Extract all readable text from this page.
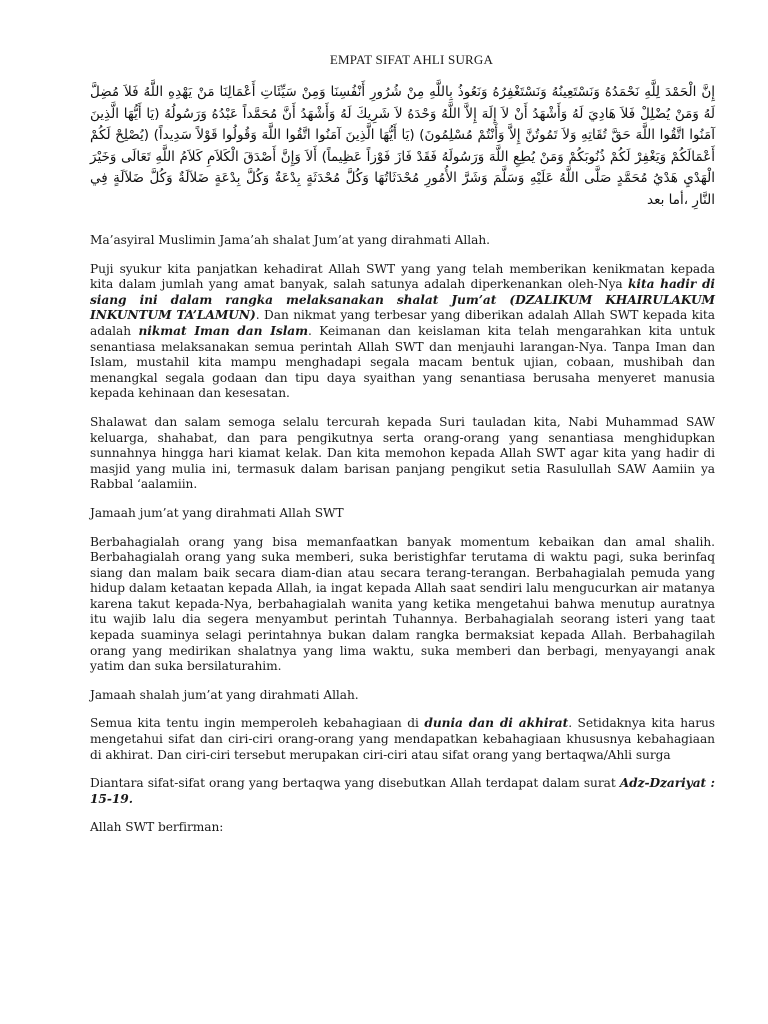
EMPAT SIFAT AHLI SURGA
إِنَّ الْحَمْدَ لِلَّهِ نَحْمَدُهُ وَنَسْتَعِينُهُ وَنَسْتَغْفِرُهُ وَنَعُوذُ بِاللَّهِ مِنْ شُرُورِ أَنْفُسِنَا وَمِنْ سَيِّئَاتِ أَعْمَالِنَا مَنْ يَهْدِهِ اللَّهُ فَلاَ مُضِلَّ لَهُ وَمَنْ يُضْلِلْ فَلاَ هَادِيَ لَهُ وَأَشْهَدُ أَنْ لاَ إِلَهَ إِلاَّ اللَّهُ وَحْدَهُ لاَ شَرِيكَ لَهُ وَأَشْهَدُ أَنَّ مُحَمَّداً عَبْدُهُ وَرَسُولُهُ (يَا أَيُّهَا الَّذِينَ آمَنُوا اتَّقُوا اللَّهَ حَقَّ تُقَاتِهِ وَلاَ تَمُوتُنَّ إِلاَّ وَأَنْتُمْ مُسْلِمُونَ) (يَا أَيُّهَا الَّذِينَ آمَنُوا اتَّقُوا اللَّهَ وَقُولُوا قَوْلاً سَدِيداً) (يُصْلِحْ لَكُمْ أَعْمَالَكُمْ وَيَغْفِرْ لَكُمْ ذُنُوبَكُمْ وَمَنْ يُطِعِ اللَّهَ وَرَسُولَهُ فَقَدْ فَازَ فَوْزاً عَظِيماً) أَلاَ وَإِنَّ أَصْدَقَ الْكَلاَمِ كَلاَمُ اللَّهِ تَعَالَى وَخَيْرَ الْهَدْيِ هَدْيُ مُحَمَّدٍ صَلَّى اللَّهُ عَلَيْهِ وَسَلَّمَ وَشَرَّ الأُمُورِ مُحْدَثَاتُهَا وَكُلَّ مُحْدَثَةٍ بِدْعَةٌ وَكُلَّ بِدْعَةٍ ضَلاَلَةٌ وَكُلَّ ضَلاَلَةٍ فِي النَّارِ ،أما بعد

Ma’asyiral Muslimin Jama’ah shalat Jum’at yang dirahmati Allah.

Puji syukur kita panjatkan kehadirat Allah SWT yang yang telah memberikan kenikmatan kepada kita dalam jumlah yang amat banyak, salah satunya adalah diperkenankan oleh-Nya kita hadir di siang ini dalam rangka melaksanakan shalat Jum’at (DZALIKUM KHAIRULAKUM INKUNTUM TA’LAMUN). Dan nikmat yang terbesar yang diberikan adalah Allah SWT kepada kita adalah nikmat Iman dan Islam. Keimanan dan keislaman kita telah mengarahkan kita untuk senantiasa melaksanakan semua perintah Allah SWT dan menjauhi larangan-Nya. Tanpa Iman dan Islam, mustahil kita mampu menghadapi segala macam bentuk ujian, cobaan, mushibah dan menangkal segala godaan dan tipu daya syaithan yang senantiasa berusaha menyeret manusia kepada kehinaan dan kesesatan.

Shalawat dan salam semoga selalu tercurah kepada Suri tauladan kita, Nabi Muhammad SAW keluarga, shahabat, dan para pengikutnya serta orang-orang yang senantiasa menghidupkan sunnahnya hingga hari kiamat kelak. Dan kita memohon kepada Allah SWT agar kita yang hadir di masjid yang mulia ini, termasuk dalam barisan panjang pengikut setia Rasulullah SAW Aamiin ya Rabbal ‘aalamiin.

Jamaah jum’at yang dirahmati Allah SWT

Berbahagialah orang yang bisa memanfaatkan banyak momentum kebaikan dan amal shalih. Berbahagialah orang yang suka memberi, suka beristighfar terutama di waktu pagi, suka berinfaq siang dan malam baik secara diam-dian atau secara terang-terangan. Berbahagialah pemuda yang hidup dalam ketaatan kepada Allah, ia ingat kepada Allah saat sendiri lalu mengucurkan air matanya karena takut kepada-Nya, berbahagialah wanita yang ketika mengetahui bahwa menutup auratnya itu wajib lalu dia segera menyambut perintah Tuhannya. Berbahagialah seorang isteri yang taat kepada suaminya selagi perintahnya bukan dalam rangka bermaksiat kepada Allah. Berbahagilah orang yang medirikan shalatnya yang lima waktu, suka memberi dan berbagi, menyayangi anak yatim dan suka bersilaturahim.

Jamaah shalah jum’at yang dirahmati Allah.

Semua kita tentu ingin memperoleh kebahagiaan di dunia dan di akhirat. Setidaknya kita harus mengetahui sifat dan ciri-ciri orang-orang yang mendapatkan kebahagiaan khususnya kebahagiaan di akhirat. Dan ciri-ciri tersebut merupakan ciri-ciri atau sifat orang yang bertaqwa/Ahli surga

Diantara sifat-sifat orang yang bertaqwa yang disebutkan Allah terdapat dalam surat Adz-Dzariyat : 15-19.

Allah SWT berfirman:
